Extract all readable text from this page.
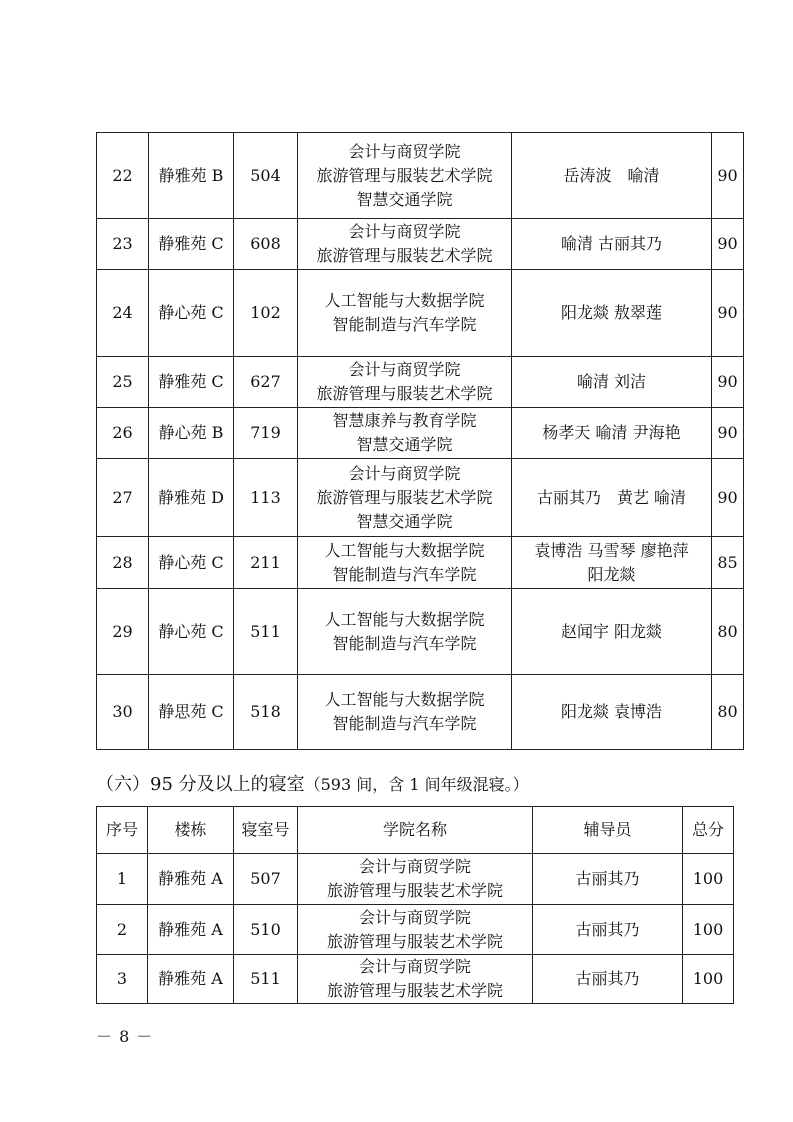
22	静雅苑 B	504	会计与商贸学院
旅游管理与服装艺术学院
智慧交通学院	岳涛波　喻清	90
23	静雅苑 C	608	会计与商贸学院
旅游管理与服装艺术学院	喻清 古丽其乃	90
24	静心苑 C	102	人工智能与大数据学院
智能制造与汽车学院	阳龙燚 敖翠莲	90
25	静雅苑 C	627	会计与商贸学院
旅游管理与服装艺术学院	喻清 刘洁	90
26	静心苑 B	719	智慧康养与教育学院
智慧交通学院	杨孝天 喻清 尹海艳	90
27	静雅苑 D	113	会计与商贸学院
旅游管理与服装艺术学院
智慧交通学院	古丽其乃　黄艺 喻清	90
28	静心苑 C	211	人工智能与大数据学院
智能制造与汽车学院	袁博浩 马雪琴 廖艳萍
阳龙燚	85
29	静心苑 C	511	人工智能与大数据学院
智能制造与汽车学院	赵闻宇 阳龙燚	80
30	静思苑 C	518	人工智能与大数据学院
智能制造与汽车学院	阳龙燚 袁博浩	80
（六）95 分及以上的寝室（593 间，含 1 间年级混寝。）
序号	楼栋	寝室号	学院名称	辅导员	总分
1	静雅苑 A	507	会计与商贸学院
旅游管理与服装艺术学院	古丽其乃	100
2	静雅苑 A	510	会计与商贸学院
旅游管理与服装艺术学院	古丽其乃	100
3	静雅苑 A	511	会计与商贸学院
旅游管理与服装艺术学院	古丽其乃	100
－ 8 －
